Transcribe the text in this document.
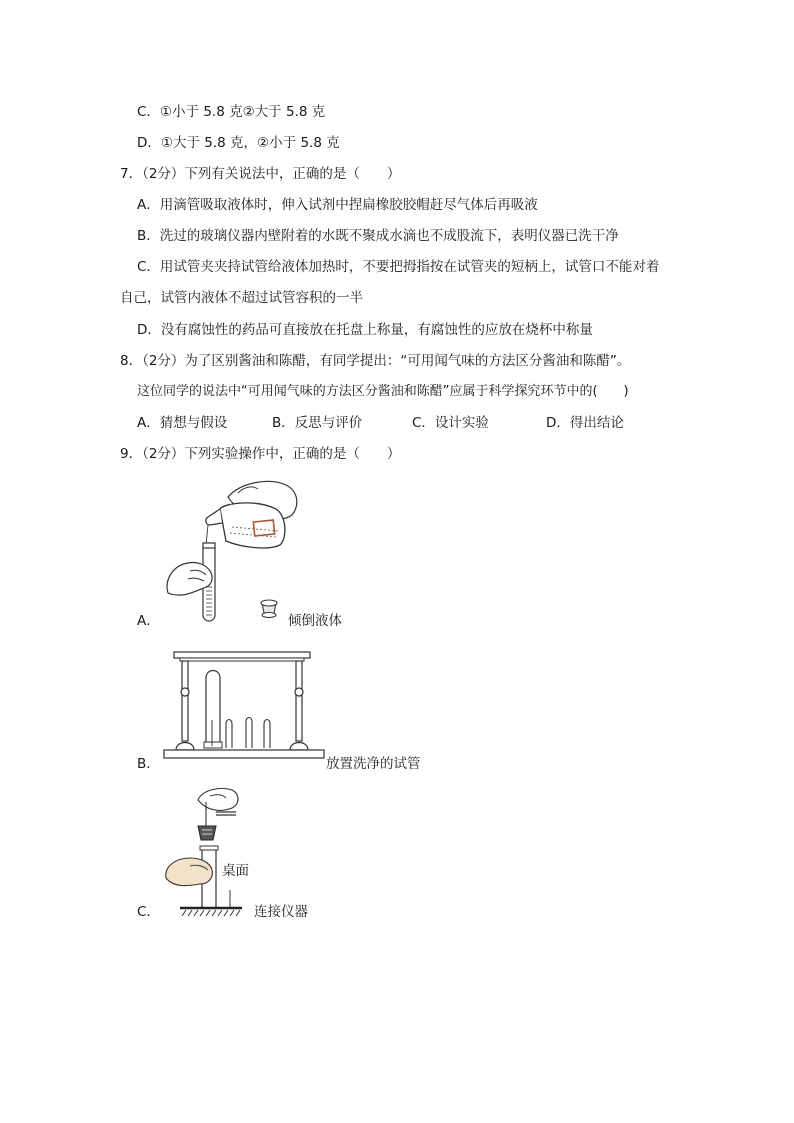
C．①小于 5.8 克②大于 5.8 克
D．①大于 5.8 克，②小于 5.8 克
7．（2分）下列有关说法中，正确的是（　　）
A．用滴管吸取液体时，伸入试剂中捏扁橡胶胶帽赶尽气体后再吸液
B．洗过的玻璃仪器内壁附着的水既不聚成水滴也不成股流下，表明仪器已洗干净
C．用试管夹夹持试管给液体加热时，不要把拇指按在试管夹的短柄上，试管口不能对着
自己，试管内液体不超过试管容积的一半
D．没有腐蚀性的药品可直接放在托盘上称量，有腐蚀性的应放在烧杯中称量
8．（2分）为了区别酱油和陈醋，有同学提出：“可用闻气味的方法区分酱油和陈醋”。
这位同学的说法中“可用闻气味的方法区分酱油和陈醋”应属于科学探究环节中的(　　)
A．猜想与假设	B．反思与评价	C．设计实验	D．得出结论
9．（2分）下列实验操作中，正确的是（　　）
A．	倾倒液体
B．	放置洗净的试管
C．
桌面
连接仪器
